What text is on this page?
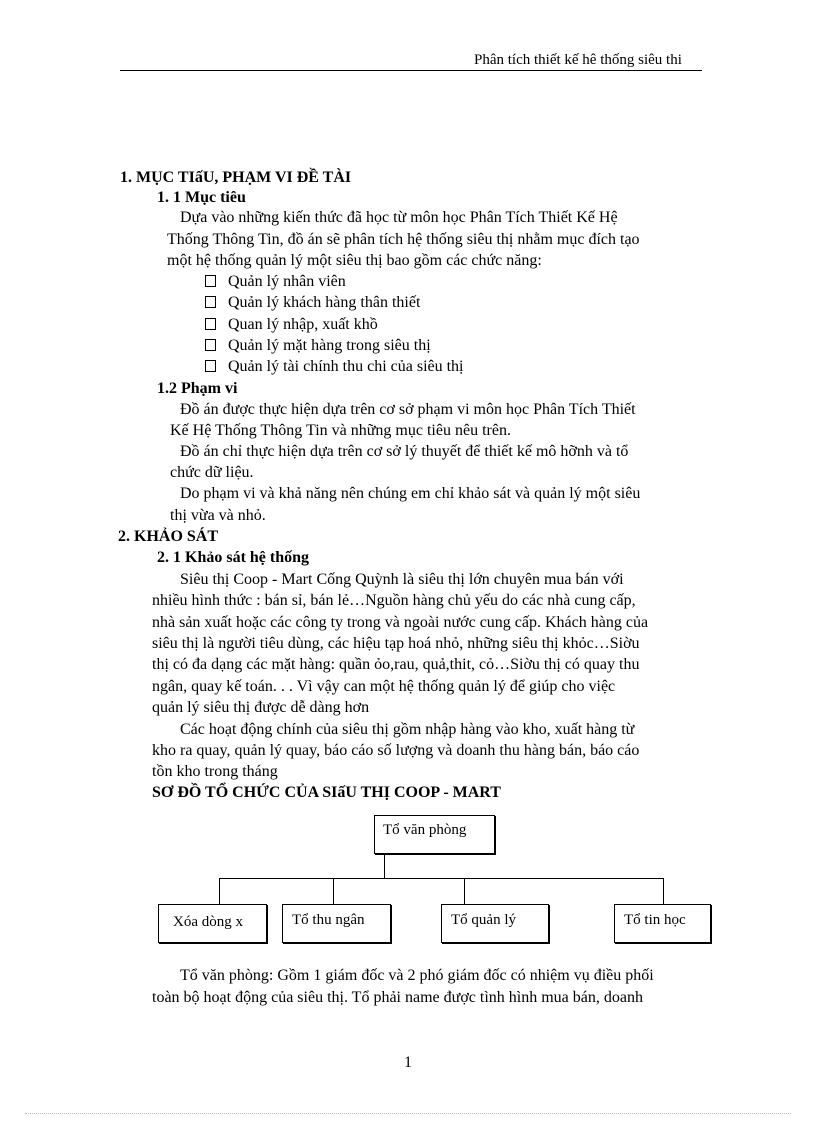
Phân tích thiết kế hê thống siêu thi
1. MỤC TIấU, PHẠM VI ĐỀ TÀI
1. 1 Mục tiêu
Dựa vào những kiến thức đã học từ môn học Phân Tích Thiết Kế Hệ
Thống Thông Tin, đồ án sẽ phân tích hệ thống siêu thị nhằm mục đích tạo
một hệ thống quản lý một siêu thị bao gồm các chức năng:
Quản lý nhân viên
Quản lý khách hàng thân thiết
Quan lý nhập, xuất khồ
Quản lý mặt hàng trong siêu thị
Quản lý tài chính thu chi của siêu thị
1.2 Phạm vi
Đồ án được thực hiện dựa trên cơ sở phạm vi môn học Phân Tích Thiết
Kế Hệ Thống Thông Tin và những mục tiêu nêu trên.
Đồ án chỉ thực hiện dựa trên cơ sở lý thuyết để thiết kế mô hỡnh và tổ
chức dữ liệu.
Do phạm vi và khả năng nên chúng em chỉ khảo sát và quản lý một siêu
thị vừa và nhỏ.
2. KHẢO SÁT
2. 1 Khảo sát hệ thống
Siêu thị Coop - Mart Cống Quỳnh là siêu thị lớn chuyên mua bán với
nhiều hình thức : bán sỉ, bán lẻ…Nguồn hàng chủ yếu do các nhà cung cấp,
nhà sản xuất hoặc các công ty trong và ngoài nước cung cấp. Khách hàng của
siêu thị là người tiêu dùng, các hiệu tạp hoá nhỏ, những siêu thị khỏc…Siờu
thị có đa dạng các mặt hàng: quần ỏo,rau, quả,thit, cỏ…Siờu thị có quay thu
ngân, quay kế toán. . . Vì vậy can một hệ thống quản lý để giúp cho việc
quản lý siêu thị được dễ dàng hơn
Các hoạt động chính của siêu thị gồm nhập hàng vào kho, xuất hàng từ
kho ra quay, quản lý quay, báo cáo số lượng và doanh thu hàng bán, báo cáo
tồn kho trong tháng
SƠ ĐỒ TỔ CHỨC CỦA SIấU THỊ COOP - MART
Tổ văn phòng
Xóa dòng x	Tổ thu ngân	Tổ quản lý	Tổ tin học
Tổ văn phòng: Gồm 1 giám đốc và 2 phó giám đốc có nhiệm vụ điều phối
toàn bộ hoạt động của siêu thị. Tổ phải name được tình hình mua bán, doanh
1
